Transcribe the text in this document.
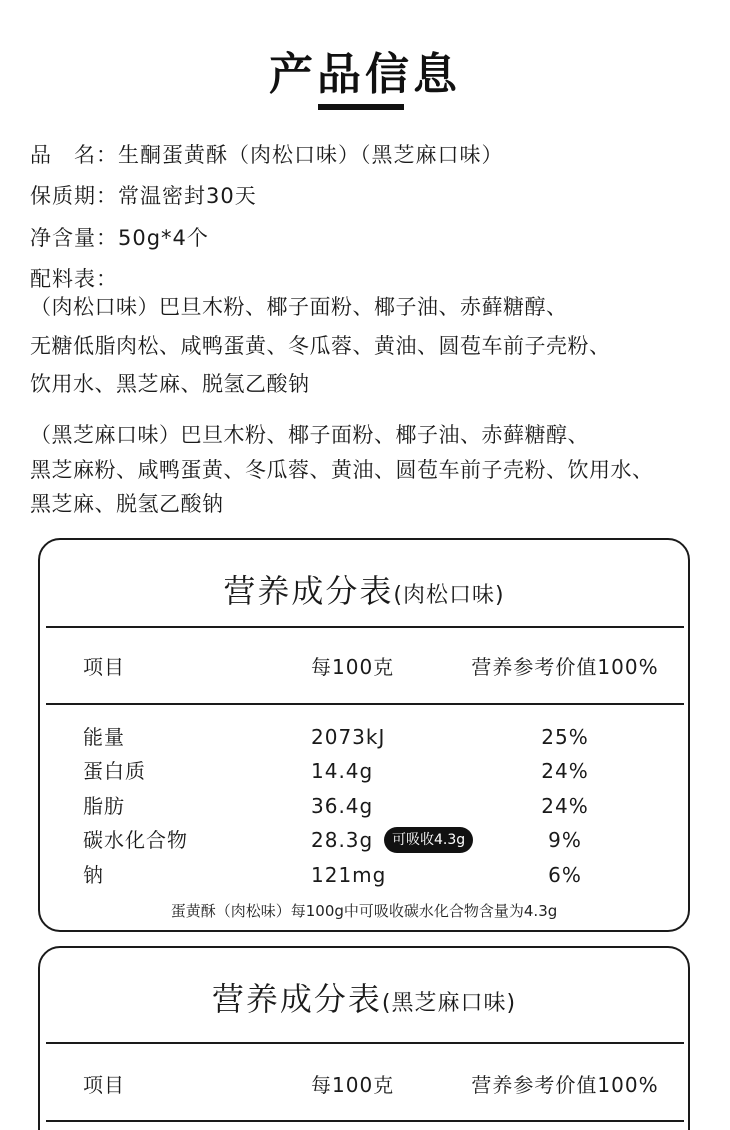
产品信息
品　名：生酮蛋黄酥（肉松口味）（黑芝麻口味）
保质期：常温密封30天
净含量：50g*4个
配料表：
（肉松口味）巴旦木粉、椰子面粉、椰子油、赤藓糖醇、
无糖低脂肉松、咸鸭蛋黄、冬瓜蓉、黄油、圆苞车前子壳粉、
饮用水、黑芝麻、脱氢乙酸钠
（黑芝麻口味）巴旦木粉、椰子面粉、椰子油、赤藓糖醇、
黑芝麻粉、咸鸭蛋黄、冬瓜蓉、黄油、圆苞车前子壳粉、饮用水、
黑芝麻、脱氢乙酸钠
营养成分表(肉松口味)
项目	每100克	营养参考价值100%
能量	2073kJ	25%
蛋白质	14.4g	24%
脂肪	36.4g	24%
碳水化合物	28.3g	可吸收4.3g	9%
钠	121mg	6%
蛋黄酥（肉松味）每100g中可吸收碳水化合物含量为4.3g
营养成分表(黑芝麻口味)
项目	每100克	营养参考价值100%
